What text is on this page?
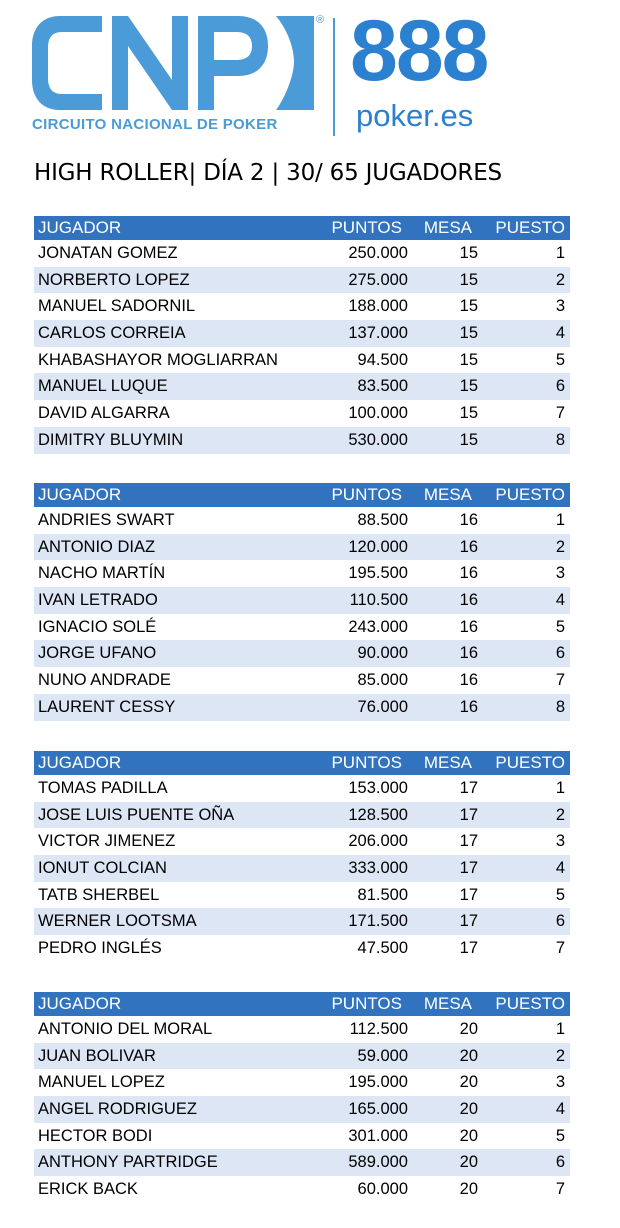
®
CIRCUITO NACIONAL DE POKER
888
poker.es
HIGH ROLLER| DÍA 2 | 30/ 65 JUGADORES
JUGADOR	PUNTOS MESA PUESTO
JONATAN GOMEZ	250.000	15	1
NORBERTO LOPEZ	275.000	15	2
MANUEL SADORNIL	188.000	15	3
CARLOS CORREIA	137.000	15	4
KHABASHAYOR MOGLIARRAN	94.500	15	5
MANUEL LUQUE	83.500	15	6
DAVID ALGARRA	100.000	15	7
DIMITRY BLUYMIN	530.000	15	8
JUGADOR	PUNTOS MESA PUESTO
ANDRIES SWART	88.500	16	1
ANTONIO DIAZ	120.000	16	2
NACHO MARTÍN	195.500	16	3
IVAN LETRADO	110.500	16	4
IGNACIO SOLÉ	243.000	16	5
JORGE UFANO	90.000	16	6
NUNO ANDRADE	85.000	16	7
LAURENT CESSY	76.000	16	8
JUGADOR	PUNTOS MESA PUESTO
TOMAS PADILLA	153.000	17	1
JOSE LUIS PUENTE OÑA	128.500	17	2
VICTOR JIMENEZ	206.000	17	3
IONUT COLCIAN	333.000	17	4
TATB SHERBEL	81.500	17	5
WERNER LOOTSMA	171.500	17	6
PEDRO INGLÉS	47.500	17	7
JUGADOR	PUNTOS MESA PUESTO
ANTONIO DEL MORAL	112.500	20	1
JUAN BOLIVAR	59.000	20	2
MANUEL LOPEZ	195.000	20	3
ANGEL RODRIGUEZ	165.000	20	4
HECTOR BODI	301.000	20	5
ANTHONY PARTRIDGE	589.000	20	6
ERICK BACK	60.000	20	7
